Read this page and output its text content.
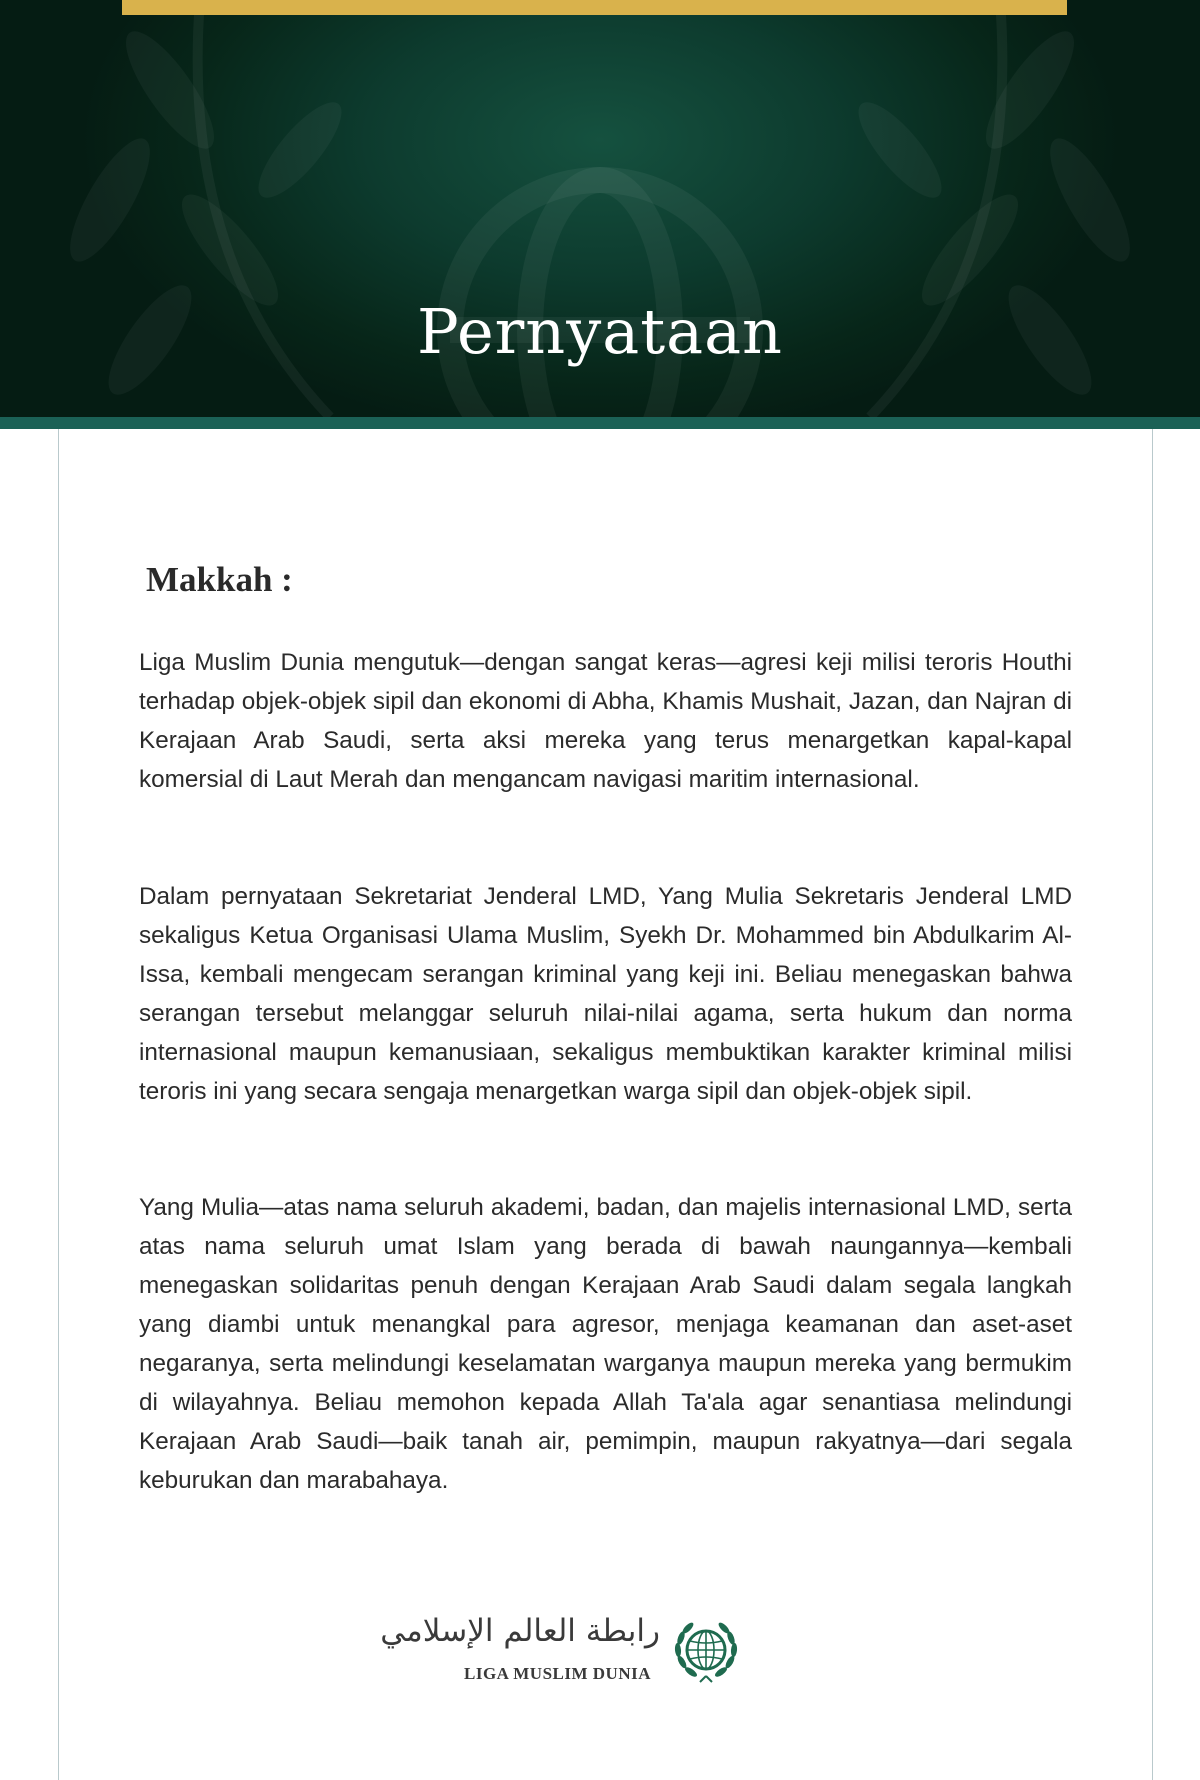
Pernyataan
Makkah :

Liga Muslim Dunia mengutuk—dengan sangat keras—agresi keji milisi teroris Houthi terhadap objek-objek sipil dan ekonomi di Abha, Khamis Mushait, Jazan, dan Najran di Kerajaan Arab Saudi, serta aksi mereka yang terus menargetkan kapal-kapal komersial di Laut Merah dan mengancam navigasi maritim internasional.

Dalam pernyataan Sekretariat Jenderal LMD, Yang Mulia Sekretaris Jenderal LMD sekaligus Ketua Organisasi Ulama Muslim, Syekh Dr. Mohammed bin Abdulkarim Al-Issa, kembali mengecam serangan kriminal yang keji ini. Beliau menegaskan bahwa serangan tersebut melanggar seluruh nilai-nilai agama, serta hukum dan norma internasional maupun kemanusiaan, sekaligus membuktikan karakter kriminal milisi teroris ini yang secara sengaja menargetkan warga sipil dan objek-objek sipil.

Yang Mulia—atas nama seluruh akademi, badan, dan majelis internasional LMD, serta atas nama seluruh umat Islam yang berada di bawah naungannya—kembali menegaskan solidaritas penuh dengan Kerajaan Arab Saudi dalam segala langkah yang diambi untuk menangkal para agresor, menjaga keamanan dan aset-aset negaranya, serta melindungi keselamatan warganya maupun mereka yang bermukim di wilayahnya. Beliau memohon kepada Allah Ta'ala agar senantiasa melindungi Kerajaan Arab Saudi—baik tanah air, pemimpin, maupun rakyatnya—dari segala keburukan dan marabahaya.

رابطة العالم الإسلامي
LIGA MUSLIM DUNIA
